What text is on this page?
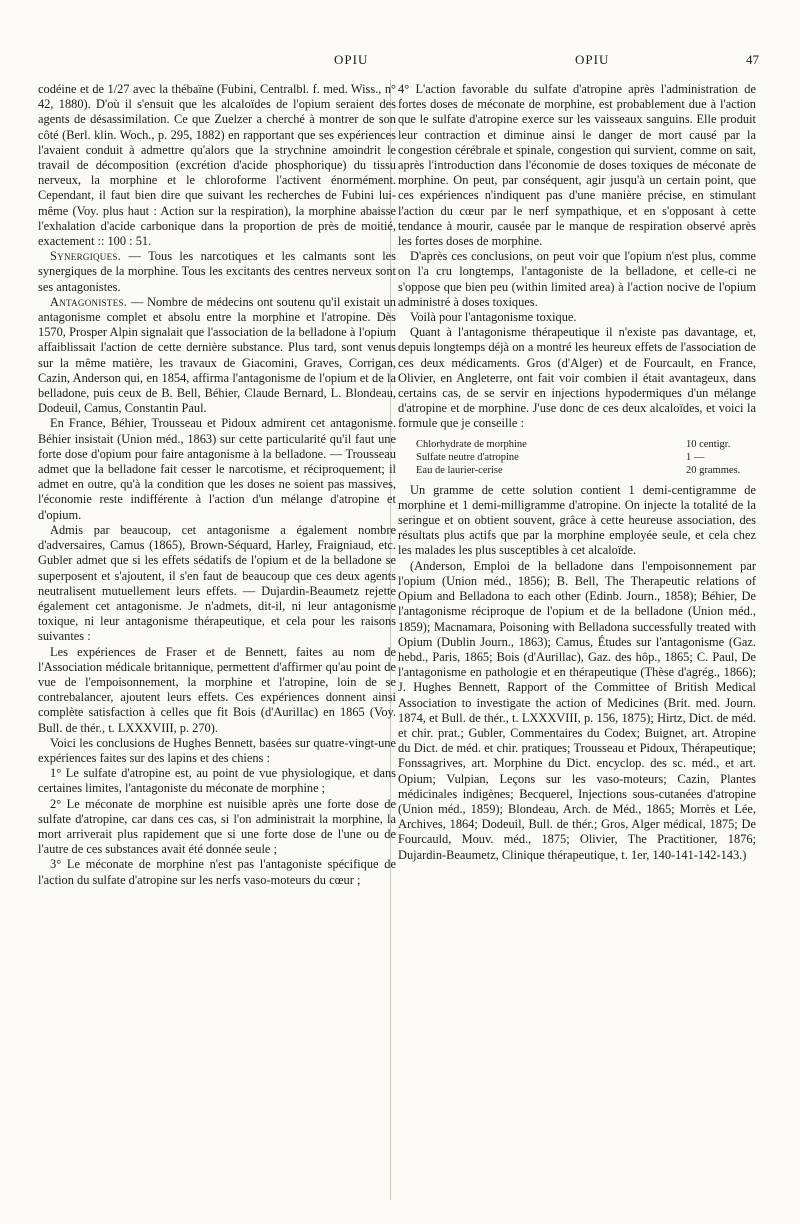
OPIU	OPIU	47

codéine et de 1/27 avec la thébaïne (Fubini, Centralbl. f. med. Wiss., n° 42, 1880). D'où il s'ensuit que les alcaloïdes de l'opium seraient des agents de désassimilation. Ce que Zuelzer a cherché à montrer de son côté (Berl. klin. Woch., p. 295, 1882) en rapportant que ses expériences l'avaient conduit à admettre qu'alors que la strychnine amoindrit le travail de décomposition (excrétion d'acide phosphorique) du tissu nerveux, la morphine et le chloroforme l'activent énormément. Cependant, il faut bien dire que suivant les recherches de Fubini lui-même (Voy. plus haut : Action sur la respiration), la morphine abaisse l'exhalation d'acide carbonique dans la proportion de près de moitié, exactement :: 100 : 51.

Synergiques. — Tous les narcotiques et les calmants sont les synergiques de la morphine. Tous les excitants des centres nerveux sont ses antagonistes.

Antagonistes. — Nombre de médecins ont soutenu qu'il existait un antagonisme complet et absolu entre la morphine et l'atropine. Dès 1570, Prosper Alpin signalait que l'association de la belladone à l'opium affaiblissait l'action de cette dernière substance. Plus tard, sont venus sur la même matière, les travaux de Giacomini, Graves, Corrigan, Cazin, Anderson qui, en 1854, affirma l'antagonisme de l'opium et de la belladone, puis ceux de B. Bell, Béhier, Claude Bernard, L. Blondeau, Dodeuil, Camus, Constantin Paul.

En France, Béhier, Trousseau et Pidoux admirent cet antagonisme. Béhier insistait (Union méd., 1863) sur cette particularité qu'il faut une forte dose d'opium pour faire antagonisme à la belladone. — Trousseau admet que la belladone fait cesser le narcotisme, et réciproquement; il admet en outre, qu'à la condition que les doses ne soient pas massives, l'économie reste indifférente à l'action d'un mélange d'atropine et d'opium.

Admis par beaucoup, cet antagonisme a également nombre d'adversaires, Camus (1865), Brown-Séquard, Harley, Fraigniaud, etc. Gubler admet que si les effets sédatifs de l'opium et de la belladone se superposent et s'ajoutent, il s'en faut de beaucoup que ces deux agents neutralisent mutuellement leurs effets. — Dujardin-Beaumetz rejette également cet antagonisme. Je n'admets, dit-il, ni leur antagonisme toxique, ni leur antagonisme thérapeutique, et cela pour les raisons suivantes :

Les expériences de Fraser et de Bennett, faites au nom de l'Association médicale britannique, permettent d'affirmer qu'au point de vue de l'empoisonnement, la morphine et l'atropine, loin de se contrebalancer, ajoutent leurs effets. Ces expériences donnent ainsi complète satisfaction à celles que fit Bois (d'Aurillac) en 1865 (Voy. Bull. de thér., t. LXXXVIII, p. 270).

Voici les conclusions de Hughes Bennett, basées sur quatre-vingt-une expériences faites sur des lapins et des chiens :

1° Le sulfate d'atropine est, au point de vue physiologique, et dans certaines limites, l'antagoniste du méconate de morphine ;

2° Le méconate de morphine est nuisible après une forte dose de sulfate d'atropine, car dans ces cas, si l'on administrait la morphine, la mort arriverait plus rapidement que si une forte dose de l'une ou de l'autre de ces substances avait été donnée seule ;

3° Le méconate de morphine n'est pas l'antagoniste spécifique de l'action du sulfate d'atropine sur les nerfs vaso-moteurs du cœur ;

4° L'action favorable du sulfate d'atropine après l'administration de fortes doses de méconate de morphine, est probablement due à l'action que le sulfate d'atropine exerce sur les vaisseaux sanguins. Elle produit leur contraction et diminue ainsi le danger de mort causé par la congestion cérébrale et spinale, congestion qui survient, comme on sait, après l'introduction dans l'économie de doses toxiques de méconate de morphine. On peut, par conséquent, agir jusqu'à un certain point, que ces expériences n'indiquent pas d'une manière précise, en stimulant l'action du cœur par le nerf sympathique, et en s'opposant à cette tendance à mourir, causée par le manque de respiration observé après les fortes doses de morphine.

D'après ces conclusions, on peut voir que l'opium n'est plus, comme on l'a cru longtemps, l'antagoniste de la belladone, et celle-ci ne s'oppose que bien peu (within limited area) à l'action nocive de l'opium administré à doses toxiques.

Voilà pour l'antagonisme toxique.

Quant à l'antagonisme thérapeutique il n'existe pas davantage, et, depuis longtemps déjà on a montré les heureux effets de l'association de ces deux médicaments. Gros (d'Alger) et de Fourcault, en France, Olivier, en Angleterre, ont fait voir combien il était avantageux, dans certains cas, de se servir en injections hypodermiques d'un mélange d'atropine et de morphine. J'use donc de ces deux alcaloïdes, et voici la formule que je conseille :

Chlorhydrate de morphine	10 centigr.
Sulfate neutre d'atropine	1 —
Eau de laurier-cerise	20 grammes.

Un gramme de cette solution contient 1 demi-centigramme de morphine et 1 demi-milligramme d'atropine. On injecte la totalité de la seringue et on obtient souvent, grâce à cette heureuse association, des résultats plus actifs que par la morphine employée seule, et cela chez les malades les plus susceptibles à cet alcaloïde.

(Anderson, Emploi de la belladone dans l'empoisonnement par l'opium (Union méd., 1856); B. Bell, The Therapeutic relations of Opium and Belladona to each other (Edinb. Journ., 1858); Béhier, De l'antagonisme réciproque de l'opium et de la belladone (Union méd., 1859); Macnamara, Poisoning with Belladona successfully treated with Opium (Dublin Journ., 1863); Camus, Études sur l'antagonisme (Gaz. hebd., Paris, 1865; Bois (d'Aurillac), Gaz. des hôp., 1865; C. Paul, De l'antagonisme en pathologie et en thérapeutique (Thèse d'agrég., 1866); J. Hughes Bennett, Rapport of the Committee of British Medical Association to investigate the action of Medicines (Brit. med. Journ. 1874, et Bull. de thér., t. LXXXVIII, p. 156, 1875); Hirtz, Dict. de méd. et chir. prat.; Gubler, Commentaires du Codex; Buignet, art. Atropine du Dict. de méd. et chir. pratiques; Trousseau et Pidoux, Thérapeutique; Fonssagrives, art. Morphine du Dict. encyclop. des sc. méd., et art. Opium; Vulpian, Leçons sur les vaso-moteurs; Cazin, Plantes médicinales indigènes; Becquerel, Injections sous-cutanées d'atropine (Union méd., 1859); Blondeau, Arch. de Méd., 1865; Morrès et Lée, Archives, 1864; Dodeuil, Bull. de thér.; Gros, Alger médical, 1875; De Fourcauld, Mouv. méd., 1875; Olivier, The Practitioner, 1876; Dujardin-Beaumetz, Clinique thérapeutique, t. 1er, 140-141-142-143.)
